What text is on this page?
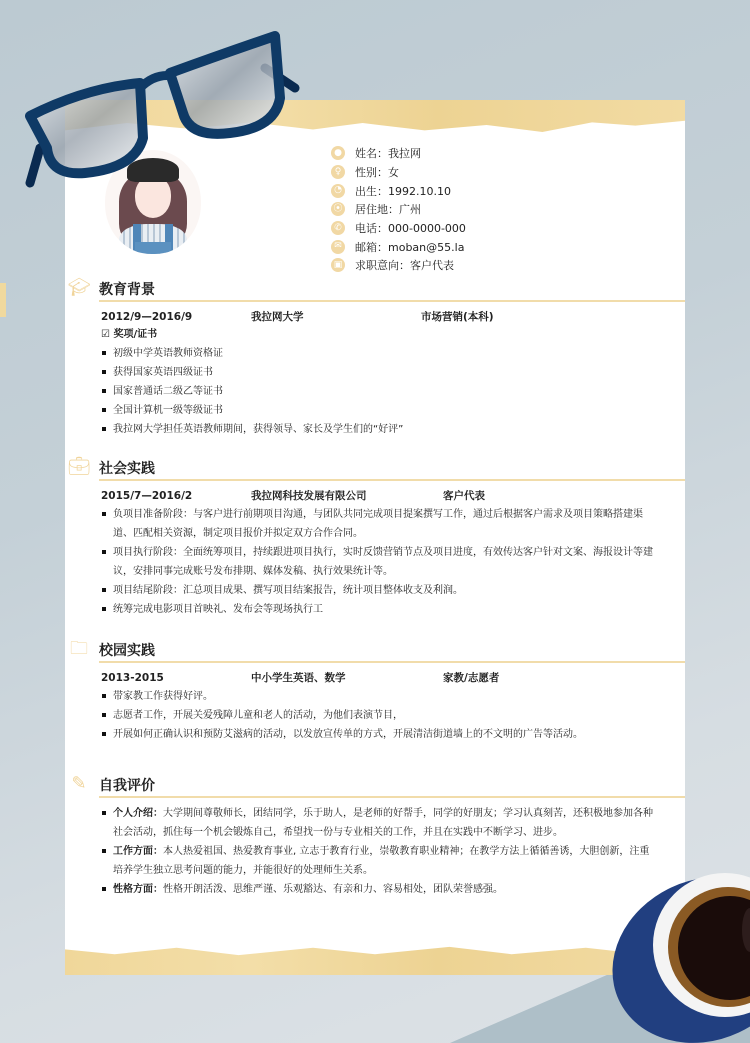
● 姓名：我拉网
♀	性别：女
◔ 出生：1992.10.10
⦿ 居住地：广州
✆ 电话：000-0000-000
✉ 邮箱：moban@55.la
▣ 求职意向：客户代表
🎓︎ 教育背景
2012/9—2016/9	我拉网大学	市场营销(本科)
☑ 奖项/证书
初级中学英语教师资格证
获得国家英语四级证书
国家普通话二级乙等证书
全国计算机一级等级证书
我拉网大学担任英语教师期间，获得领导、家长及学生们的“好评”
💼︎ 社会实践
2015/7—2016/2	我拉网科技发展有限公司	客户代表
负项目准备阶段：与客户进行前期项目沟通，与团队共同完成项目提案撰写工作，通过后根据客户需求及项目策略搭建渠道、匹配相关资源，制定项目报价并拟定双方合作合同。
项目执行阶段：全面统筹项目，持续跟进项目执行，实时反馈营销节点及项目进度，有效传达客户针对文案、海报设计等建议，安排同事完成账号发布排期、媒体发稿、执行效果统计等。
项目结尾阶段：汇总项目成果、撰写项目结案报告，统计项目整体收支及利润。
统筹完成电影项目首映礼、发布会等现场执行工
🗀 校园实践
2013-2015	中小学生英语、数学	家教/志愿者
带家教工作获得好评。
志愿者工作，开展关爱残障儿童和老人的活动，为他们表演节目，
开展如何正确认识和预防艾滋病的活动，以发放宣传单的方式，开展清洁街道墙上的不文明的广告等活动。
✎ 自我评价
个人介绍：大学期间尊敬师长，团结同学，乐于助人，是老师的好帮手，同学的好朋友；学习认真刻苦，还积极地参加各种社会活动，抓住每一个机会锻炼自己，希望找一份与专业相关的工作，并且在实践中不断学习、进步。
工作方面：本人热爱祖国、热爱教育事业, 立志于教育行业，崇敬教育职业精神；在教学方法上循循善诱，大胆创新，注重培养学生独立思考问题的能力，并能很好的处理师生关系。
性格方面：性格开朗活泼、思维严谨、乐观豁达、有亲和力、容易相处，团队荣誉感强。
